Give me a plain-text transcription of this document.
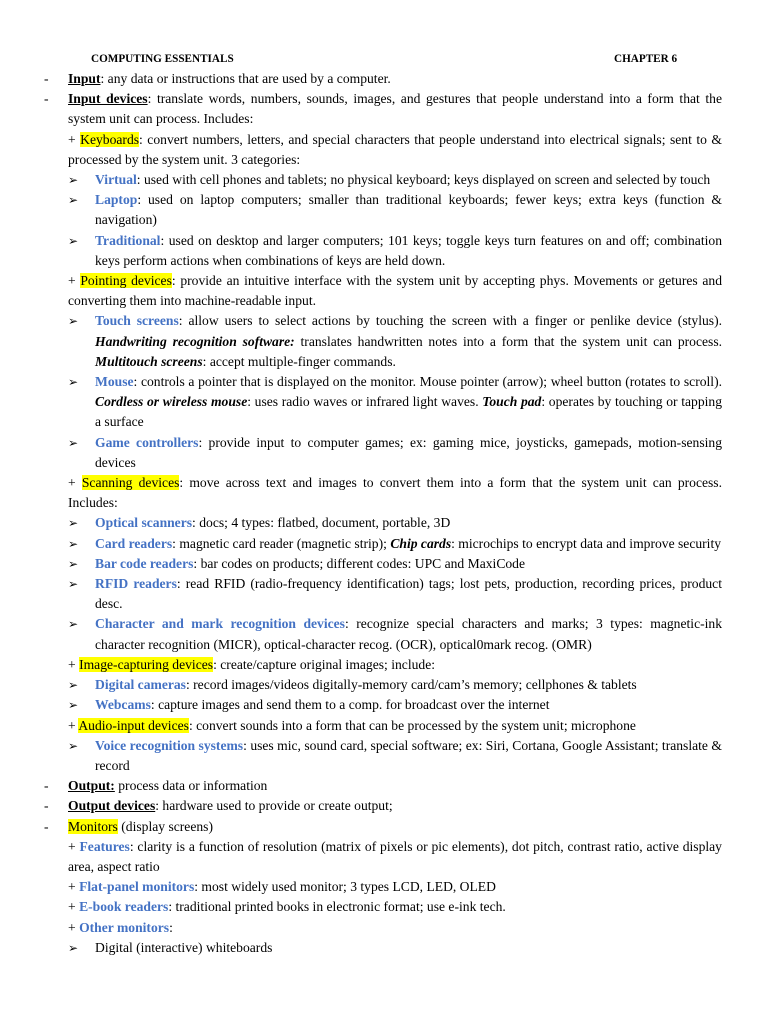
COMPUTING ESSENTIALS	CHAPTER 6
- Input: any data or instructions that are used by a computer.
- Input devices: translate words, numbers, sounds, images, and gestures that people understand into a form that the system unit can process. Includes:
+ Keyboards: convert numbers, letters, and special characters that people understand into electrical signals; sent to & processed by the system unit. 3 categories:
➢ Virtual: used with cell phones and tablets; no physical keyboard; keys displayed on screen and selected by touch
➢ Laptop: used on laptop computers; smaller than traditional keyboards; fewer keys; extra keys (function & navigation)
➢ Traditional: used on desktop and larger computers; 101 keys; toggle keys turn features on and off; combination keys perform actions when combinations of keys are held down.
+ Pointing devices: provide an intuitive interface with the system unit by accepting phys. Movements or getures and converting them into machine-readable input.
➢ Touch screens: allow users to select actions by touching the screen with a finger or penlike device (stylus). Handwriting recognition software: translates handwritten notes into a form that the system unit can process. Multitouch screens: accept multiple-finger commands.
➢ Mouse: controls a pointer that is displayed on the monitor. Mouse pointer (arrow); wheel button (rotates to scroll). Cordless or wireless mouse: uses radio waves or infrared light waves. Touch pad: operates by touching or tapping a surface
➢ Game controllers: provide input to computer games; ex: gaming mice, joysticks, gamepads, motion-sensing devices
+ Scanning devices: move across text and images to convert them into a form that the system unit can process. Includes:
➢ Optical scanners: docs; 4 types: flatbed, document, portable, 3D
➢ Card readers: magnetic card reader (magnetic strip); Chip cards: microchips to encrypt data and improve security
➢ Bar code readers: bar codes on products; different codes: UPC and MaxiCode
➢ RFID readers: read RFID (radio-frequency identification) tags; lost pets, production, recording prices, product desc.
➢ Character and mark recognition devices: recognize special characters and marks; 3 types: magnetic-ink character recognition (MICR), optical-character recog. (OCR), optical0mark recog. (OMR)
+ Image-capturing devices: create/capture original images; include:
➢ Digital cameras: record images/videos digitally-memory card/cam’s memory; cellphones & tablets
➢ Webcams: capture images and send them to a comp. for broadcast over the internet
+ Audio-input devices: convert sounds into a form that can be processed by the system unit; microphone
➢ Voice recognition systems: uses mic, sound card, special software; ex: Siri, Cortana, Google Assistant; translate & record
- Output: process data or information
- Output devices: hardware used to provide or create output;
- Monitors (display screens)
+ Features: clarity is a function of resolution (matrix of pixels or pic elements), dot pitch, contrast ratio, active display area, aspect ratio
+ Flat-panel monitors: most widely used monitor; 3 types LCD, LED, OLED
+ E-book readers: traditional printed books in electronic format; use e-ink tech.
+ Other monitors:
➢ Digital (interactive) whiteboards
